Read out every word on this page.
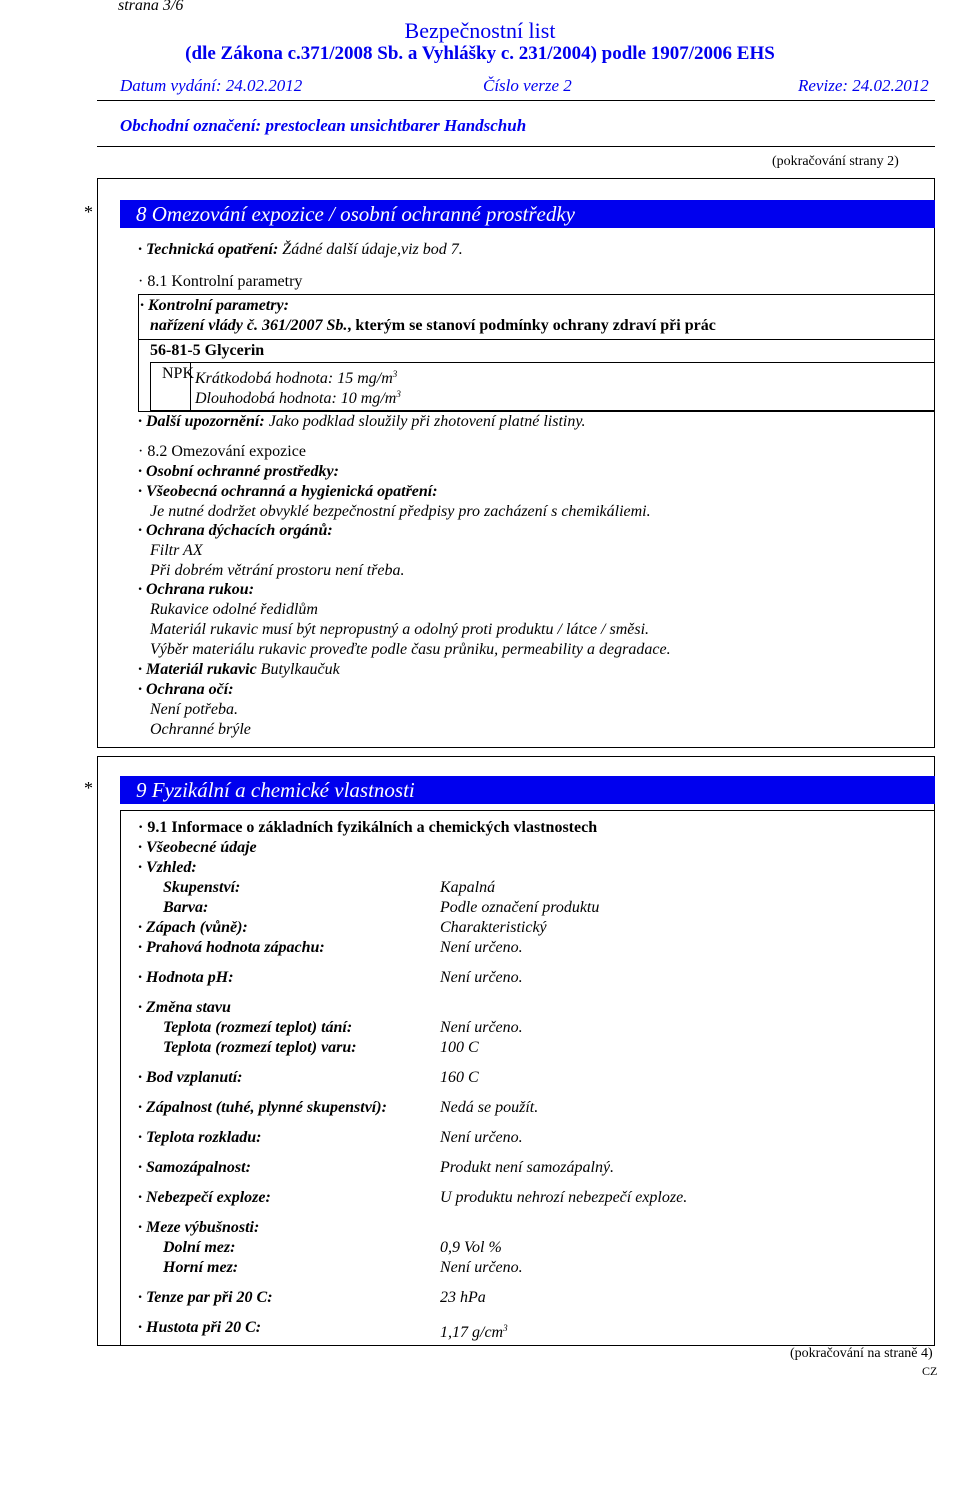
strana 3/6
Bezpečnostní list
(dle Zákona c.371/2008 Sb. a Vyhlášky c. 231/2004) podle 1907/2006 EHS
Datum vydání: 24.02.2012	Číslo verze 2	Revize: 24.02.2012
Obchodní označení: prestoclean unsichtbarer Handschuh
(pokračování strany 2)
*	8 Omezování expozice / osobní ochranné prostředky
· Technická opatření: Žádné další údaje,viz bod 7.
· 8.1 Kontrolní parametry
· Kontrolní parametry:
nařízení vlády č. 361/2007 Sb., kterým se stanoví podmínky ochrany zdraví při prác
56-81-5 Glycerin
NPK Krátkodobá hodnota: 15 $mg/m^3$
Dlouhodobá hodnota: 10 $mg/m^3$
· Další upozornění: Jako podklad sloužily při zhotovení platné listiny.
· 8.2 Omezování expozice
· Osobní ochranné prostředky:
· Všeobecná ochranná a hygienická opatření:
Je nutné dodržet obvyklé bezpečnostní předpisy pro zacházení s chemikáliemi.
· Ochrana dýchacích orgánů:
Filtr AX
Při dobrém větrání prostoru není třeba.
· Ochrana rukou:
Rukavice odolné ředidlům
Materiál rukavic musí být nepropustný a odolný proti produktu / látce / směsi.
Výběr materiálu rukavic proveďte podle času průniku, permeability a degradace.
· Materiál rukavic Butylkaučuk
· Ochrana očí:
Není potřeba.
Ochranné brýle
*	9 Fyzikální a chemické vlastnosti
· 9.1 Informace o základních fyzikálních a chemických vlastnostech
· Všeobecné údaje
· Vzhled:
Skupenství:	Kapalná
Barva:	Podle označení produktu
· Zápach (vůně):	Charakteristický
· Prahová hodnota zápachu:	Není určeno.
· Hodnota pH:	Není určeno.
· Změna stavu
Teplota (rozmezí teplot) tání:	Není určeno.
Teplota (rozmezí teplot) varu:	100 C
· Bod vzplanutí:	160 C
· Zápalnost (tuhé, plynné skupenství):	Nedá se použít.
· Teplota rozkladu:	Není určeno.
· Samozápalnost:	Produkt není samozápalný.
· Nebezpečí exploze:	U produktu nehrozí nebezpečí exploze.
· Meze výbušnosti:
Dolní mez:	0,9 Vol %
Horní mez:	Není určeno.
· Tenze par při 20 C:	23 hPa
· Hustota při 20 C:	1,17 $g/cm^3$
(pokračování na straně 4)
CZ
